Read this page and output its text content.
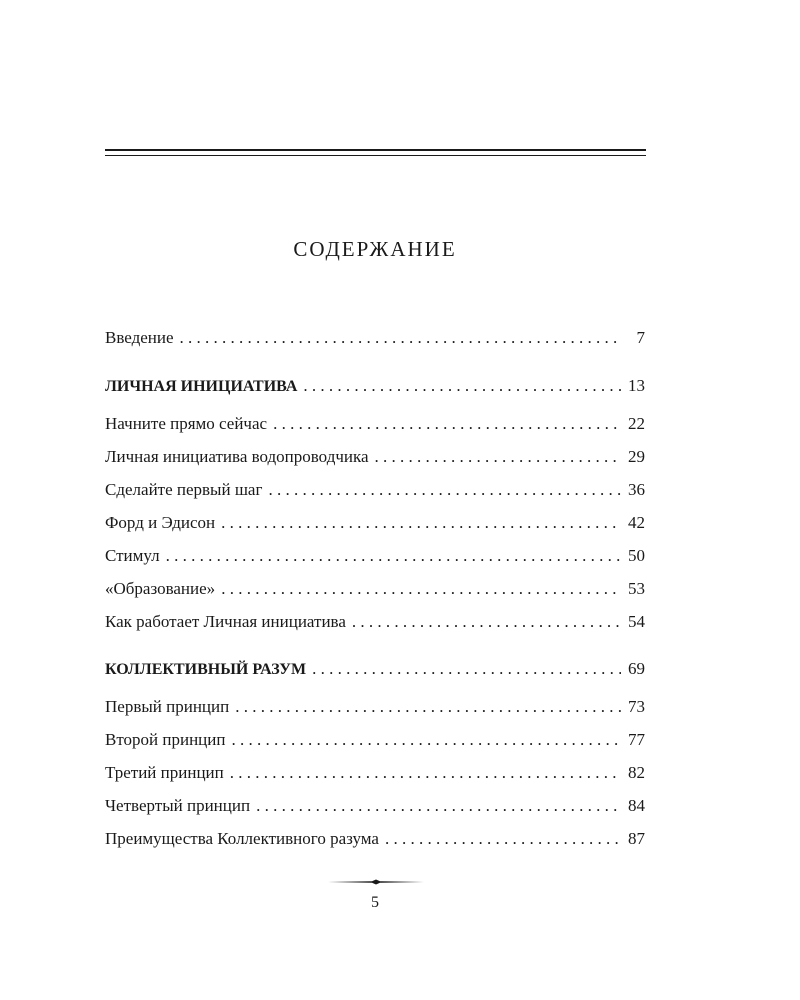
СОДЕРЖАНИЕ
Введение . . .	7
ЛИЧНАЯ ИНИЦИАТИВА . . .	13
Начните прямо сейчас . . .	22
Личная инициатива водопроводчика . . .	29
Сделайте первый шаг . . .	36
Форд и Эдисон . . .	42
Стимул . . .	50
«Образование» . . .	53
Как работает Личная инициатива . . .	54
КОЛЛЕКТИВНЫЙ РАЗУМ . . .	69
Первый принцип . . .	73
Второй принцип . . .	77
Третий принцип . . .	82
Четвертый принцип . . .	84
Преимущества Коллективного разума . . .	87
5
